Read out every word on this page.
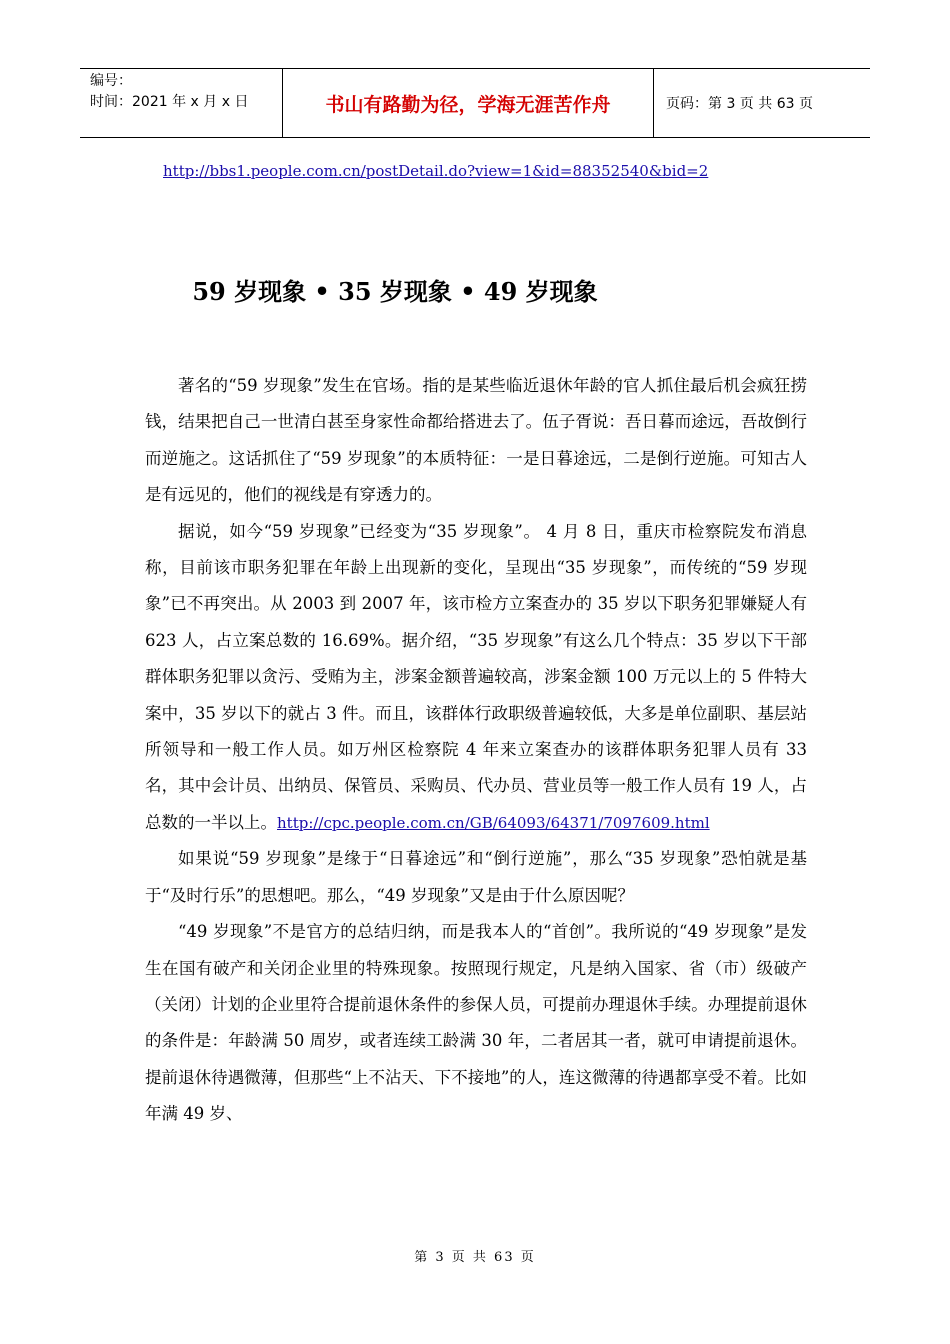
编号：
时间：2021 年 x 月 x 日	书山有路勤为径，学海无涯苦作舟	页码：第 3 页 共 63 页
http://bbs1.people.com.cn/postDetail.do?view=1&id=88352540&bid=2
59 岁现象 • 35 岁现象 • 49 岁现象

著名的“59 岁现象”发生在官场。指的是某些临近退休年龄的官人抓住最后机会疯狂捞钱，结果把自己一世清白甚至身家性命都给搭进去了。伍子胥说：吾日暮而途远，吾故倒行而逆施之。这话抓住了“59 岁现象”的本质特征：一是日暮途远，二是倒行逆施。可知古人是有远见的，他们的视线是有穿透力的。

据说，如今“59 岁现象”已经变为“35 岁现象”。 4 月 8 日，重庆市检察院发布消息称，目前该市职务犯罪在年龄上出现新的变化，呈现出“35 岁现象”，而传统的“59 岁现象”已不再突出。从 2003 到 2007 年，该市检方立案查办的 35 岁以下职务犯罪嫌疑人有 623 人，占立案总数的 16.69%。据介绍，“35 岁现象”有这么几个特点：35 岁以下干部群体职务犯罪以贪污、受贿为主，涉案金额普遍较高，涉案金额 100 万元以上的 5 件特大案中，35 岁以下的就占 3 件。而且，该群体行政职级普遍较低，大多是单位副职、基层站所领导和一般工作人员。如万州区检察院 4 年来立案查办的该群体职务犯罪人员有 33 名，其中会计员、出纳员、保管员、采购员、代办员、营业员等一般工作人员有 19 人，占总数的一半以上。http://cpc.people.com.cn/GB/64093/64371/7097609.html

如果说“59 岁现象”是缘于“日暮途远”和“倒行逆施”，那么“35 岁现象”恐怕就是基于“及时行乐”的思想吧。那么，“49 岁现象”又是由于什么原因呢？

“49 岁现象”不是官方的总结归纳，而是我本人的“首创”。我所说的“49 岁现象”是发生在国有破产和关闭企业里的特殊现象。按照现行规定，凡是纳入国家、省（市）级破产（关闭）计划的企业里符合提前退休条件的参保人员，可提前办理退休手续。办理提前退休的条件是：年龄满 50 周岁，或者连续工龄满 30 年，二者居其一者，就可申请提前退休。提前退休待遇微薄，但那些“上不沾天、下不接地”的人，连这微薄的待遇都享受不着。比如年满 49 岁、

第 3 页 共 63 页
